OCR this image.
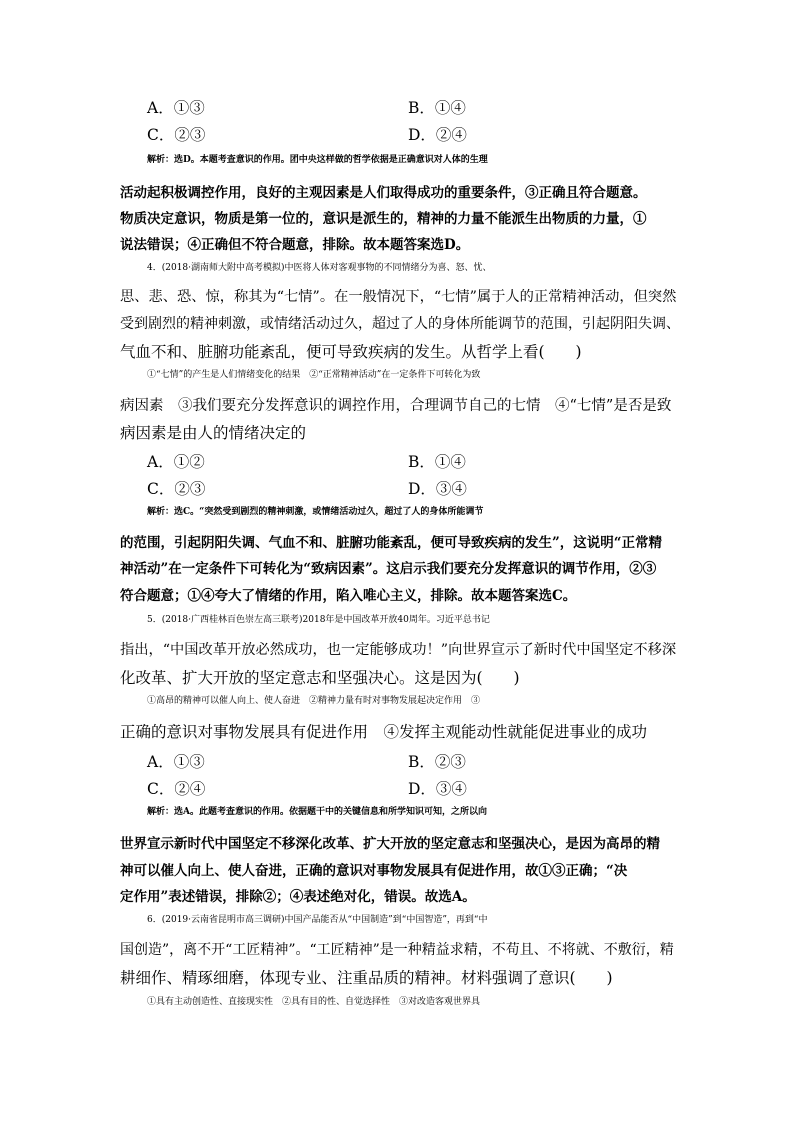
A．①③	B．①④
C．②③	D．②④
解析：选D。本题考查意识的作用。团中央这样做的哲学依据是正确意识对人体的生理
活动起积极调控作用，良好的主观因素是人们取得成功的重要条件，③正确且符合题意。
物质决定意识，物质是第一位的，意识是派生的，精神的力量不能派生出物质的力量，①
说法错误；④正确但不符合题意，排除。故本题答案选D。
4．(2018·湖南师大附中高考模拟)中医将人体对客观事物的不同情绪分为喜、怒、忧、
思、悲、恐、惊，称其为“七情”。在一般情况下，“七情”属于人的正常精神活动，但突然
受到剧烈的精神刺激，或情绪活动过久，超过了人的身体所能调节的范围，引起阴阳失调、
气血不和、脏腑功能紊乱，便可导致疾病的发生。从哲学上看(　　)
①“七情”的产生是人们情绪变化的结果　②“正常精神活动”在一定条件下可转化为致
病因素　③我们要充分发挥意识的调控作用，合理调节自己的七情　④“七情”是否是致
病因素是由人的情绪决定的
A．①②	B．①④
C．②③	D．③④
解析：选C。“突然受到剧烈的精神刺激，或情绪活动过久，超过了人的身体所能调节
的范围，引起阴阳失调、气血不和、脏腑功能紊乱，便可导致疾病的发生”，这说明“正常精
神活动”在一定条件下可转化为“致病因素”。这启示我们要充分发挥意识的调节作用，②③
符合题意；①④夸大了情绪的作用，陷入唯心主义，排除。故本题答案选C。
5．(2018·广西桂林百色崇左高三联考)2018年是中国改革开放40周年。习近平总书记
指出，“中国改革开放必然成功，也一定能够成功！”向世界宣示了新时代中国坚定不移深
化改革、扩大开放的坚定意志和坚强决心。这是因为(　　)
①高昂的精神可以催人向上、使人奋进　②精神力量有时对事物发展起决定作用　③
正确的意识对事物发展具有促进作用　④发挥主观能动性就能促进事业的成功
A．①③	B．②③
C．②④	D．③④
解析：选A。此题考查意识的作用。依据题干中的关键信息和所学知识可知，之所以向
世界宣示新时代中国坚定不移深化改革、扩大开放的坚定意志和坚强决心，是因为高昂的精
神可以催人向上、使人奋进，正确的意识对事物发展具有促进作用，故①③正确；“决
定作用”表述错误，排除②；④表述绝对化，错误。故选A。
6．(2019·云南省昆明市高三调研)中国产品能否从“中国制造”到“中国智造”，再到“中
国创造”，离不开“工匠精神”。“工匠精神”是一种精益求精，不苟且、不将就、不敷衍，精
耕细作、精琢细磨，体现专业、注重品质的精神。材料强调了意识(　　)
①具有主动创造性、直接现实性　②具有目的性、自觉选择性　③对改造客观世界具
